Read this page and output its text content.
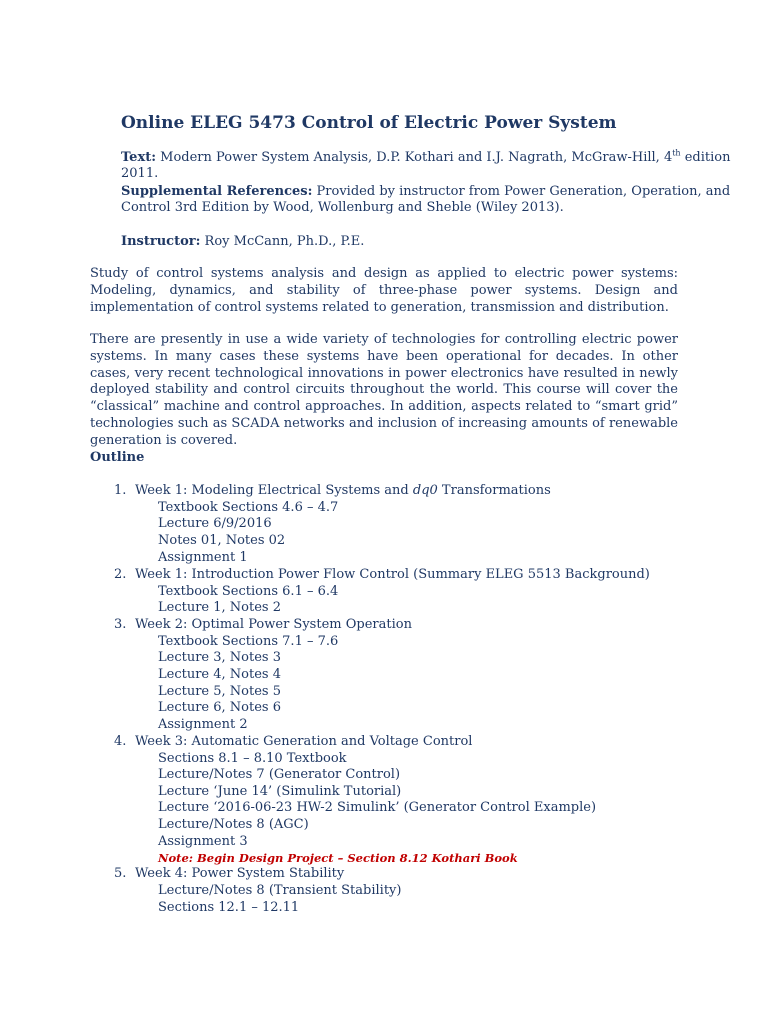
Online ELEG 5473 Control of Electric Power System
Text: Modern Power System Analysis, D.P. Kothari and I.J. Nagrath, McGraw-Hill, 4th edition
2011.
Supplemental References: Provided by instructor from Power Generation, Operation, and
Control 3rd Edition by Wood, Wollenburg and Sheble (Wiley 2013).
Instructor: Roy McCann, Ph.D., P.E.
Study of control systems analysis and design as applied to electric power systems: Modeling, dynamics, and stability of three-phase power systems. Design and implementation of control systems related to generation, transmission and distribution.
There are presently in use a wide variety of technologies for controlling electric power systems. In many cases these systems have been operational for decades. In other cases, very recent technological innovations in power electronics have resulted in newly deployed stability and control circuits throughout the world. This course will cover the “classical” machine and control approaches. In addition, aspects related to “smart grid” technologies such as SCADA networks and inclusion of increasing amounts of renewable generation is covered.
Outline
1. Week 1: Modeling Electrical Systems and dq0 Transformations
Textbook Sections 4.6 – 4.7
Lecture 6/9/2016
Notes 01, Notes 02
Assignment 1
2. Week 1: Introduction Power Flow Control (Summary ELEG 5513 Background)
Textbook Sections 6.1 – 6.4
Lecture 1, Notes 2
3. Week 2: Optimal Power System Operation
Textbook Sections 7.1 – 7.6
Lecture 3, Notes 3
Lecture 4, Notes 4
Lecture 5, Notes 5
Lecture 6, Notes 6
Assignment 2
4. Week 3: Automatic Generation and Voltage Control
Sections 8.1 – 8.10 Textbook
Lecture/Notes 7 (Generator Control)
Lecture ‘June 14’ (Simulink Tutorial)
Lecture ‘2016-06-23 HW-2 Simulink’ (Generator Control Example)
Lecture/Notes 8 (AGC)
Assignment 3
Note: Begin Design Project – Section 8.12 Kothari Book
5. Week 4: Power System Stability
Lecture/Notes 8 (Transient Stability)
Sections 12.1 – 12.11
